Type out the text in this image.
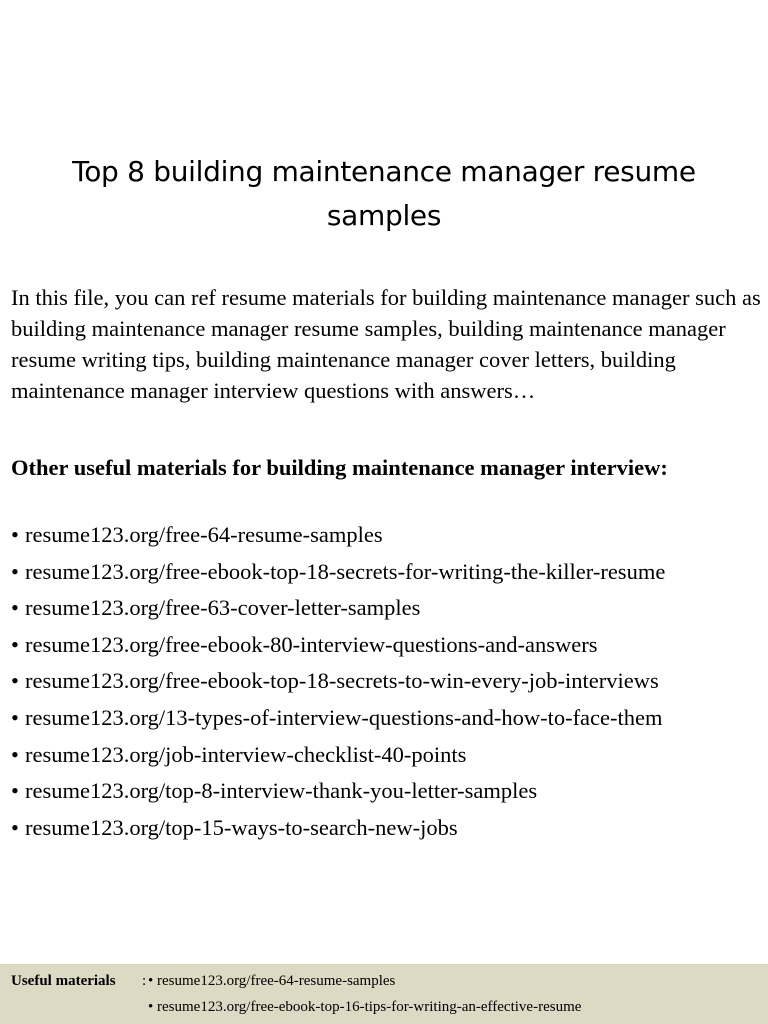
Top 8 building maintenance manager resume samples

In this file, you can ref resume materials for building maintenance manager such as building maintenance manager resume samples, building maintenance manager resume writing tips, building maintenance manager cover letters, building maintenance manager interview questions with answers…

Other useful materials for building maintenance manager interview:

• resume123.org/free-64-resume-samples
• resume123.org/free-ebook-top-18-secrets-for-writing-the-killer-resume
• resume123.org/free-63-cover-letter-samples
• resume123.org/free-ebook-80-interview-questions-and-answers
• resume123.org/free-ebook-top-18-secrets-to-win-every-job-interviews
• resume123.org/13-types-of-interview-questions-and-how-to-face-them
• resume123.org/job-interview-checklist-40-points
• resume123.org/top-8-interview-thank-you-letter-samples
• resume123.org/top-15-ways-to-search-new-jobs
Useful materials : • resume123.org/free-64-resume-samples
• resume123.org/free-ebook-top-16-tips-for-writing-an-effective-resume
